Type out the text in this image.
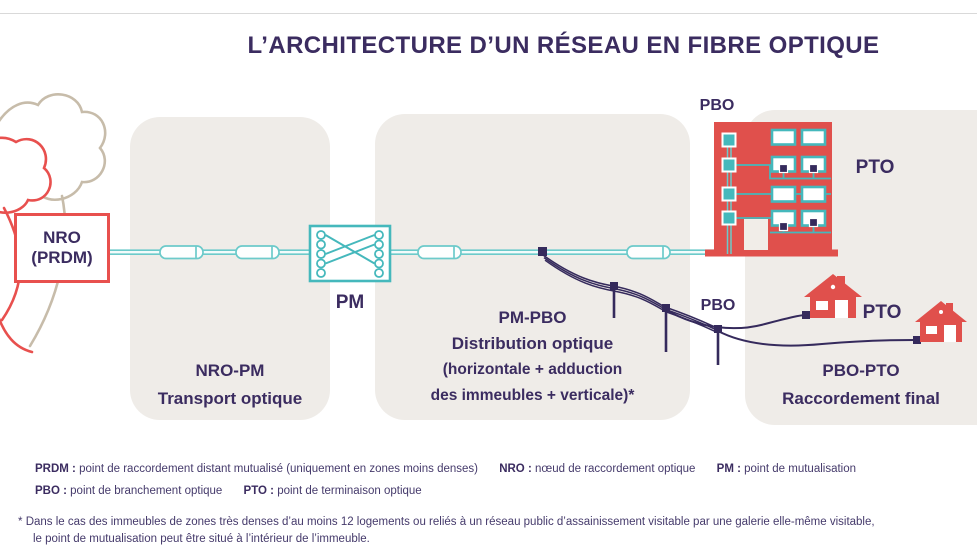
L’ARCHITECTURE D’UN RÉSEAU EN FIBRE OPTIQUE
NRO
(PRDM)
PM
PBO
PTO
PBO	PTO
NRO-PM
Transport optique
PM-PBO
Distribution optique
(horizontale + adduction
des immeubles + verticale)*
PBO-PTO
Raccordement final
PRDM : point de raccordement distant mutualisé (uniquement en zones moins denses) NRO : nœud de raccordement optique PM : point de mutualisation
PBO : point de branchement optique PTO : point de terminaison optique
* Dans le cas des immeubles de zones très denses d’au moins 12 logements ou reliés à un réseau public d’assainissement visitable par une galerie elle-même visitable,
le point de mutualisation peut être situé à l’intérieur de l’immeuble.
